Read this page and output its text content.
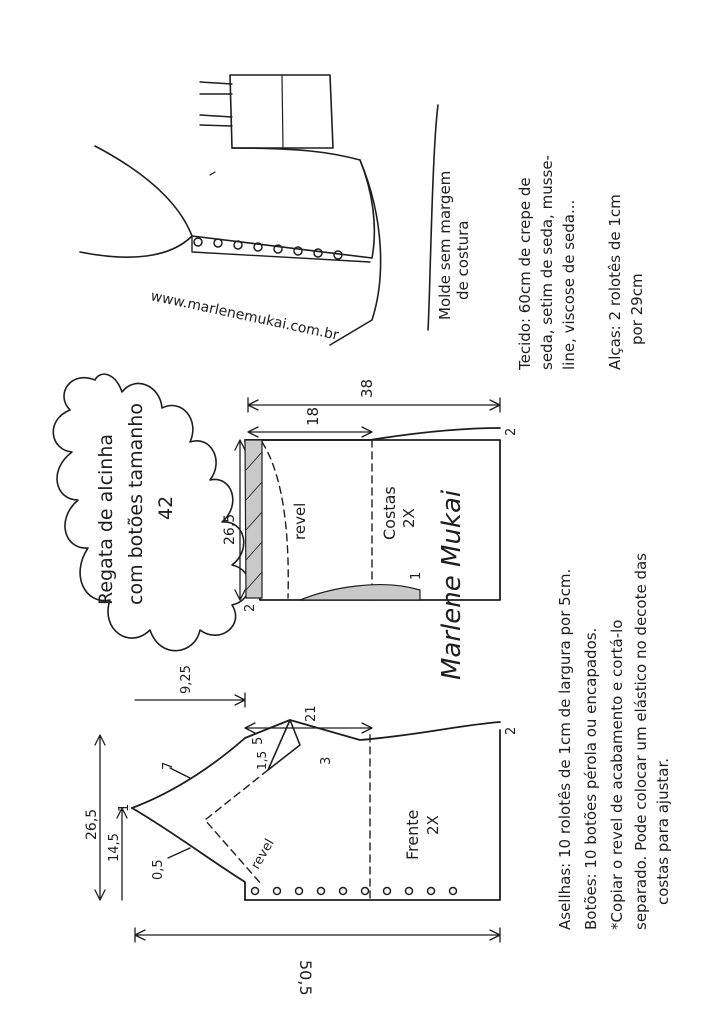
www.marlenemukai.com.br	Molde sem margem de costura	Tecido: 60cm de crepe de seda, setim de seda, musse- line, viscose de seda... Alças: 2 rolotês de 1cm por 29cm
Regata de alcinha com botões tamanho 42	revel	Costas 2X
38
18
26,5
2
1
2	Marlene Mukai
Frente 2X
revel
50,5
26,5
14,5
9,25
21
5
1,5	3
7
0,5
2
1	Asellhas: 10 rolotês de 1cm de largura por 5cm. Botões: 10 botões pérola ou encapados. *Copiar o revel de acabamento e cortá-lo separado. Pode colocar um elástico no decote das costas para ajustar.
